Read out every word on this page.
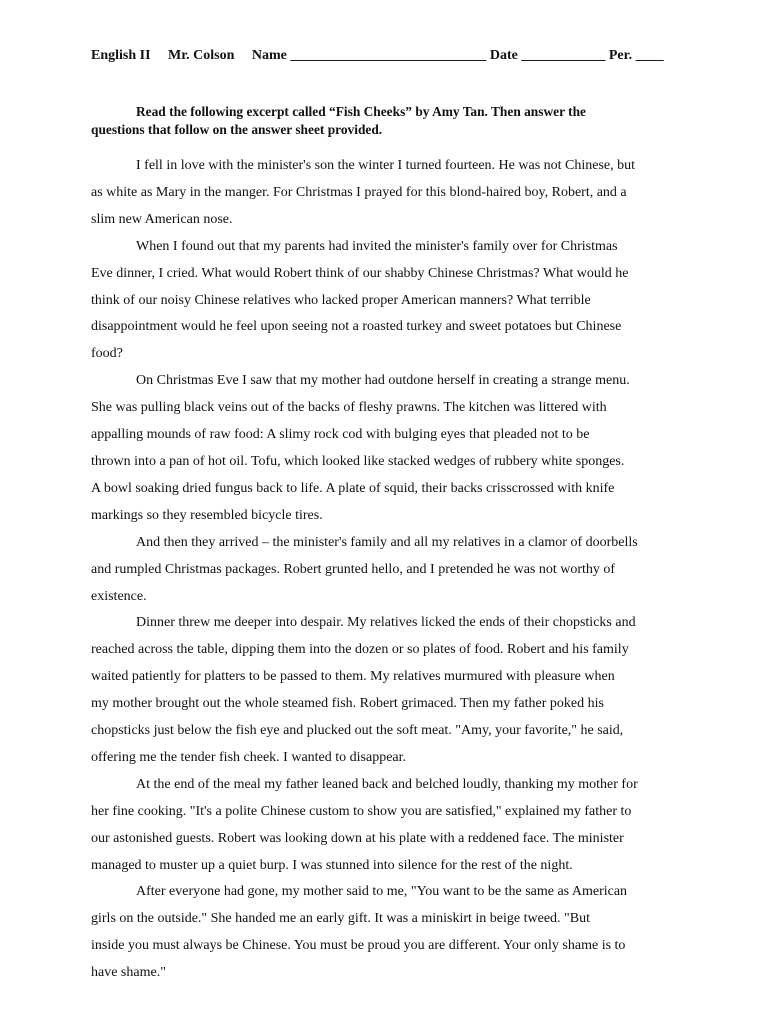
English II     Mr. Colson     Name ____________________________ Date ____________ Per. ____
Read the following excerpt called “Fish Cheeks” by Amy Tan. Then answer the
questions that follow on the answer sheet provided.
I fell in love with the minister's son the winter I turned fourteen. He was not Chinese, but
as white as Mary in the manger. For Christmas I prayed for this blond-haired boy, Robert, and a
slim new American nose.
When I found out that my parents had invited the minister's family over for Christmas
Eve dinner, I cried. What would Robert think of our shabby Chinese Christmas? What would he
think of our noisy Chinese relatives who lacked proper American manners? What terrible
disappointment would he feel upon seeing not a roasted turkey and sweet potatoes but Chinese
food?
On Christmas Eve I saw that my mother had outdone herself in creating a strange menu.
She was pulling black veins out of the backs of fleshy prawns. The kitchen was littered with
appalling mounds of raw food: A slimy rock cod with bulging eyes that pleaded not to be
thrown into a pan of hot oil. Tofu, which looked like stacked wedges of rubbery white sponges.
A bowl soaking dried fungus back to life. A plate of squid, their backs crisscrossed with knife
markings so they resembled bicycle tires.
And then they arrived – the minister's family and all my relatives in a clamor of doorbells
and rumpled Christmas packages. Robert grunted hello, and I pretended he was not worthy of
existence.
Dinner threw me deeper into despair. My relatives licked the ends of their chopsticks and
reached across the table, dipping them into the dozen or so plates of food. Robert and his family
waited patiently for platters to be passed to them. My relatives murmured with pleasure when
my mother brought out the whole steamed fish. Robert grimaced. Then my father poked his
chopsticks just below the fish eye and plucked out the soft meat. "Amy, your favorite," he said,
offering me the tender fish cheek. I wanted to disappear.
At the end of the meal my father leaned back and belched loudly, thanking my mother for
her fine cooking. "It's a polite Chinese custom to show you are satisfied," explained my father to
our astonished guests. Robert was looking down at his plate with a reddened face. The minister
managed to muster up a quiet burp. I was stunned into silence for the rest of the night.
After everyone had gone, my mother said to me, "You want to be the same as American
girls on the outside." She handed me an early gift. It was a miniskirt in beige tweed. "But
inside you must always be Chinese. You must be proud you are different. Your only shame is to
have shame."
